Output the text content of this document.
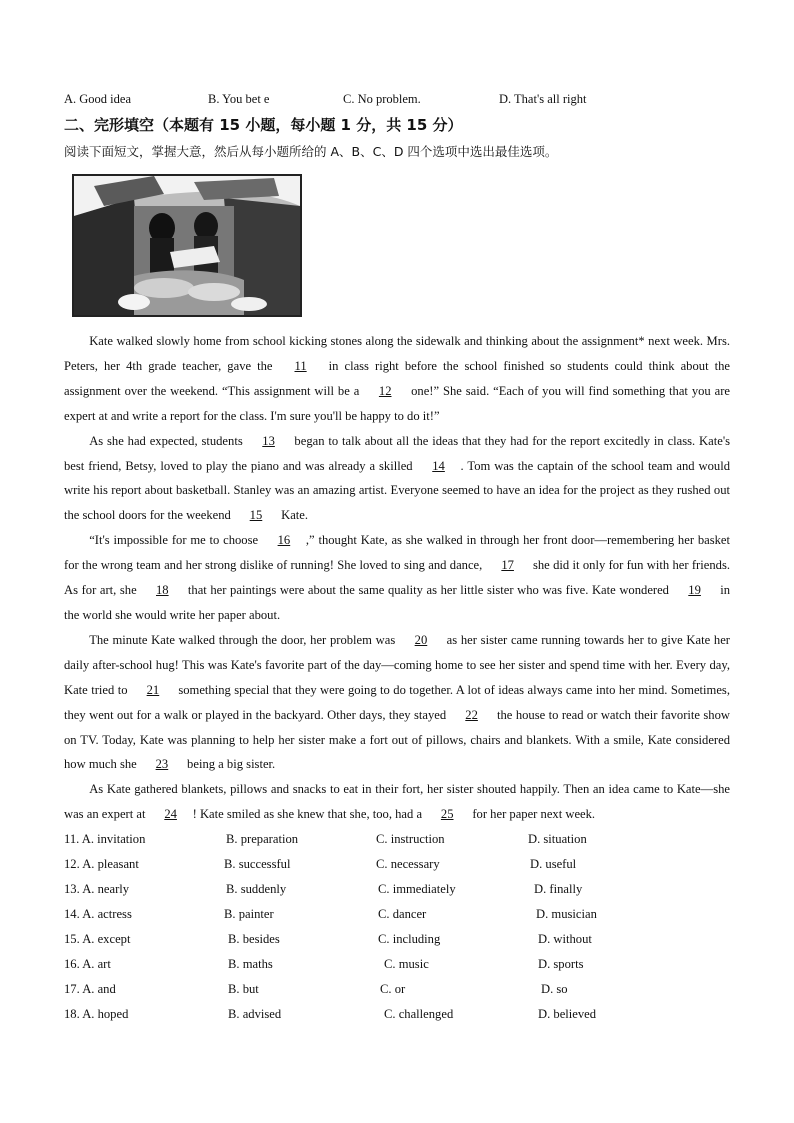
A. Good idea	B. You bet e	C. No problem.	D. That's all right
二、完形填空（本题有 15 小题，每小题 1 分，共 15 分）
阅读下面短文，掌握大意，然后从每小题所给的 A、B、C、D 四个选项中选出最佳选项。

Kate walked slowly home from school kicking stones along the sidewalk and thinking about the assignment* next week. Mrs. Peters, her 4th grade teacher, gave the 11 in class right before the school finished so students could think about the assignment over the weekend. “This assignment will be a 12 one!” She said. “Each of you will find something that you are expert at and write a report for the class. I'm sure you'll be happy to do it!”

As she had expected, students 13 began to talk about all the ideas that they had for the report excitedly in class. Kate's best friend, Betsy, loved to play the piano and was already a skilled 14 . Tom was the captain of the school team and would write his report about basketball. Stanley was an amazing artist. Everyone seemed to have an idea for the project as they rushed out the school doors for the weekend 15 Kate.

“It's impossible for me to choose 16 ,” thought Kate, as she walked in through her front door—remembering her basket for the wrong team and her strong dislike of running! She loved to sing and dance, 17 she did it only for fun with her friends. As for art, she 18 that her paintings were about the same quality as her little sister who was five. Kate wondered 19 in the world she would write her paper about.

The minute Kate walked through the door, her problem was 20 as her sister came running towards her to give Kate her daily after-school hug! This was Kate's favorite part of the day—coming home to see her sister and spend time with her. Every day, Kate tried to 21 something special that they were going to do together. A lot of ideas always came into her mind. Sometimes, they went out for a walk or played in the backyard. Other days, they stayed 22 the house to read or watch their favorite show on TV. Today, Kate was planning to help her sister make a fort out of pillows, chairs and blankets. With a smile, Kate considered how much she 23 being a big sister.

As Kate gathered blankets, pillows and snacks to eat in their fort, her sister shouted happily. Then an idea came to Kate—she was an expert at 24 ! Kate smiled as she knew that she, too, had a 25 for her paper next week.

11. A. invitation	B. preparation	C. instruction	D. situation
12. A. pleasant	B. successful	C. necessary	D. useful
13. A. nearly	B. suddenly	C. immediately	D. finally
14. A. actress	B. painter	C. dancer	D. musician
15. A. except	B. besides	C. including	D. without
16. A. art	B. maths	C. music	D. sports
17. A. and	B. but	C. or	D. so
18. A. hoped	B. advised	C. challenged	D. believed
